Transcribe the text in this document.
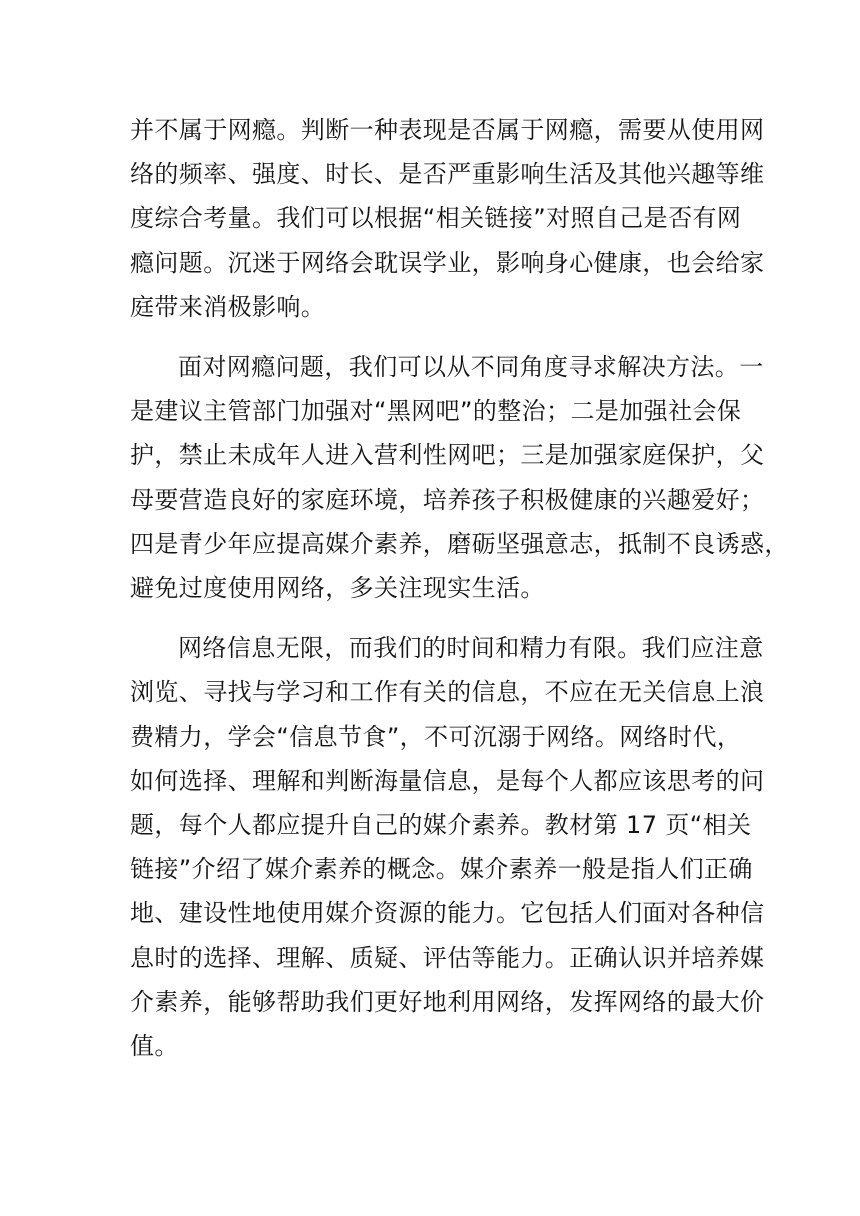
并不属于网瘾。判断一种表现是否属于网瘾，需要从使用网
络的频率、强度、时长、是否严重影响生活及其他兴趣等维
度综合考量。我们可以根据“相关链接”对照自己是否有网
瘾问题。沉迷于网络会耽误学业，影响身心健康，也会给家
庭带来消极影响。
面对网瘾问题，我们可以从不同角度寻求解决方法。一
是建议主管部门加强对“黑网吧”的整治；二是加强社会保
护，禁止未成年人进入营利性网吧；三是加强家庭保护，父
母要营造良好的家庭环境，培养孩子积极健康的兴趣爱好；
四是青少年应提高媒介素养，磨砺坚强意志，抵制不良诱惑，
避免过度使用网络，多关注现实生活。
网络信息无限，而我们的时间和精力有限。我们应注意
浏览、寻找与学习和工作有关的信息，不应在无关信息上浪
费精力，学会“信息节食”，不可沉溺于网络。网络时代，
如何选择、理解和判断海量信息，是每个人都应该思考的问
题，每个人都应提升自己的媒介素养。教材第 17 页“相关
链接”介绍了媒介素养的概念。媒介素养一般是指人们正确
地、建设性地使用媒介资源的能力。它包括人们面对各种信
息时的选择、理解、质疑、评估等能力。正确认识并培养媒
介素养，能够帮助我们更好地利用网络，发挥网络的最大价
值。
